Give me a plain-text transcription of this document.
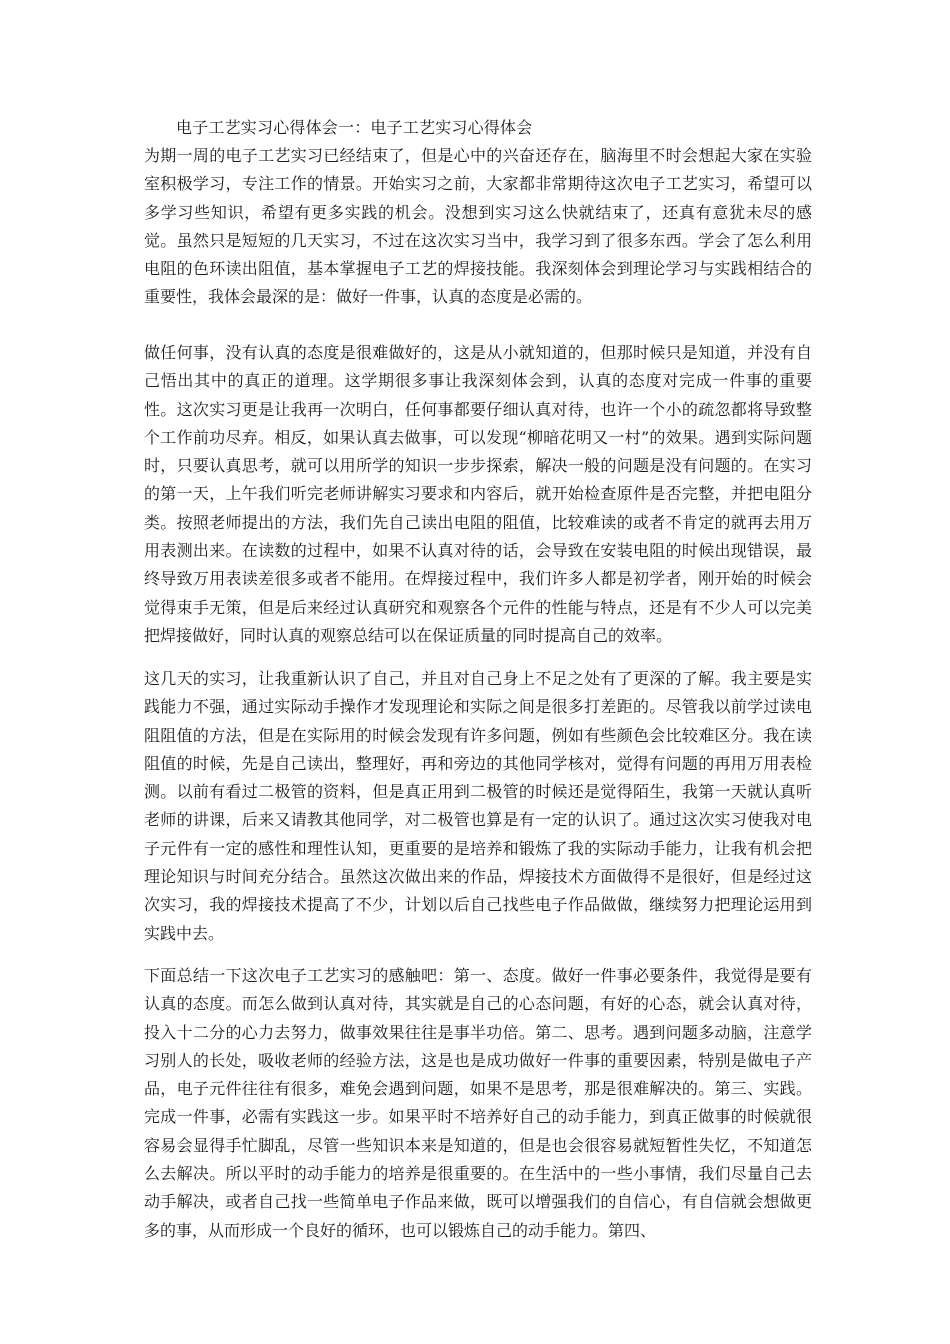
电子工艺实习心得体会一：电子工艺实习心得体会

为期一周的电子工艺实习已经结束了，但是心中的兴奋还存在，脑海里不时会想起大家在实验室积极学习，专注工作的情景。开始实习之前，大家都非常期待这次电子工艺实习，希望可以多学习些知识，希望有更多实践的机会。没想到实习这么快就结束了，还真有意犹未尽的感觉。虽然只是短短的几天实习，不过在这次实习当中，我学习到了很多东西。学会了怎么利用电阻的色环读出阻值，基本掌握电子工艺的焊接技能。我深刻体会到理论学习与实践相结合的重要性，我体会最深的是：做好一件事，认真的态度是必需的。

做任何事，没有认真的态度是很难做好的，这是从小就知道的，但那时候只是知道，并没有自己悟出其中的真正的道理。这学期很多事让我深刻体会到，认真的态度对完成一件事的重要性。这次实习更是让我再一次明白，任何事都要仔细认真对待，也许一个小的疏忽都将导致整个工作前功尽弃。相反，如果认真去做事，可以发现“柳暗花明又一村”的效果。遇到实际问题时，只要认真思考，就可以用所学的知识一步步探索，解决一般的问题是没有问题的。在实习的第一天，上午我们听完老师讲解实习要求和内容后，就开始检查原件是否完整，并把电阻分类。按照老师提出的方法，我们先自己读出电阻的阻值，比较难读的或者不肯定的就再去用万用表测出来。在读数的过程中，如果不认真对待的话，会导致在安装电阻的时候出现错误，最终导致万用表读差很多或者不能用。在焊接过程中，我们许多人都是初学者，刚开始的时候会觉得束手无策，但是后来经过认真研究和观察各个元件的性能与特点，还是有不少人可以完美把焊接做好，同时认真的观察总结可以在保证质量的同时提高自己的效率。

这几天的实习，让我重新认识了自己，并且对自己身上不足之处有了更深的了解。我主要是实践能力不强，通过实际动手操作才发现理论和实际之间是很多打差距的。尽管我以前学过读电阻阻值的方法，但是在实际用的时候会发现有许多问题，例如有些颜色会比较难区分。我在读阻值的时候，先是自己读出，整理好，再和旁边的其他同学核对，觉得有问题的再用万用表检测。以前有看过二极管的资料，但是真正用到二极管的时候还是觉得陌生，我第一天就认真听老师的讲课，后来又请教其他同学，对二极管也算是有一定的认识了。通过这次实习使我对电子元件有一定的感性和理性认知，更重要的是培养和锻炼了我的实际动手能力，让我有机会把理论知识与时间充分结合。虽然这次做出来的作品，焊接技术方面做得不是很好，但是经过这次实习，我的焊接技术提高了不少，计划以后自己找些电子作品做做，继续努力把理论运用到实践中去。

下面总结一下这次电子工艺实习的感触吧：第一、态度。做好一件事必要条件，我觉得是要有认真的态度。而怎么做到认真对待，其实就是自己的心态问题，有好的心态，就会认真对待，投入十二分的心力去努力，做事效果往往是事半功倍。第二、思考。遇到问题多动脑，注意学习别人的长处，吸收老师的经验方法，这是也是成功做好一件事的重要因素，特别是做电子产品，电子元件往往有很多，难免会遇到问题，如果不是思考，那是很难解决的。第三、实践。完成一件事，必需有实践这一步。如果平时不培养好自己的动手能力，到真正做事的时候就很容易会显得手忙脚乱，尽管一些知识本来是知道的，但是也会很容易就短暂性失忆，不知道怎么去解决。所以平时的动手能力的培养是很重要的。在生活中的一些小事情，我们尽量自己去动手解决，或者自己找一些简单电子作品来做，既可以增强我们的自信心，有自信就会想做更多的事，从而形成一个良好的循环，也可以锻炼自己的动手能力。第四、
